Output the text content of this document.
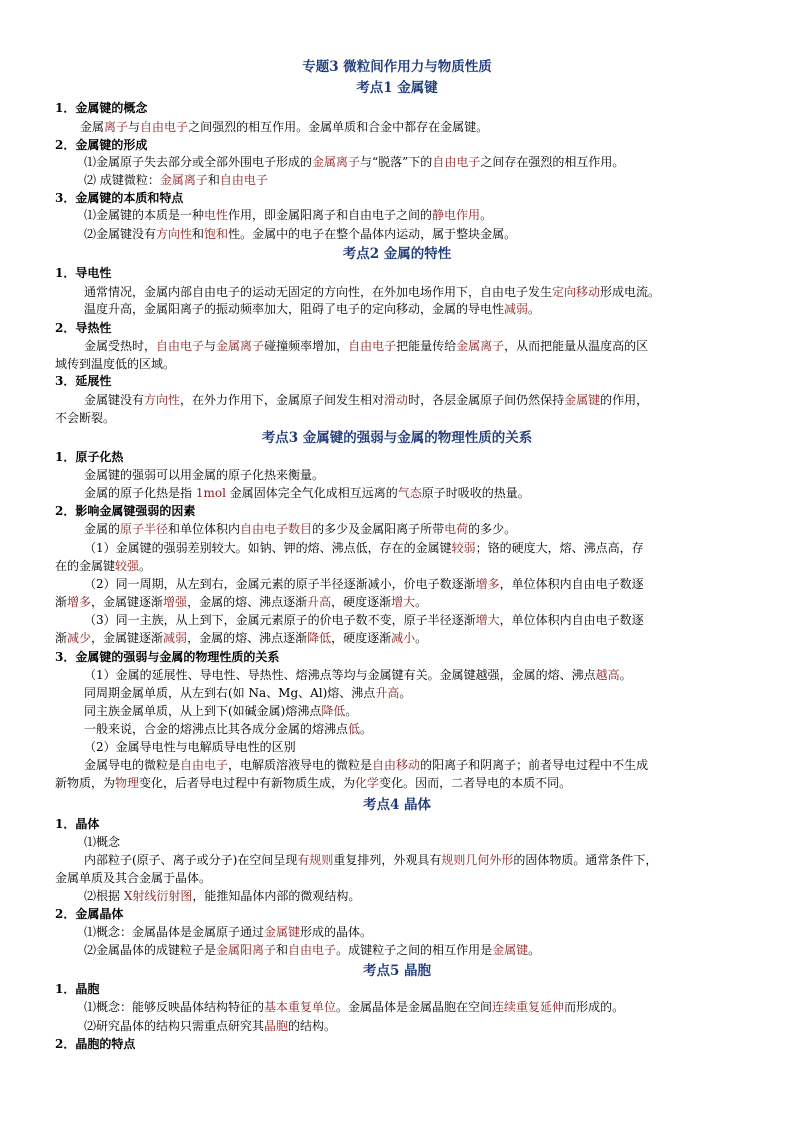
专题3 微粒间作用力与物质性质
考点1 金属键
1．金属键的概念
金属离子与自由电子之间强烈的相互作用。金属单质和合金中都存在金属键。
2．金属键的形成
⑴金属原子失去部分或全部外围电子形成的金属离子与“脱落”下的自由电子之间存在强烈的相互作用。
⑵ 成键微粒：金属离子和自由电子
3．金属键的本质和特点
⑴金属键的本质是一种电性作用，即金属阳离子和自由电子之间的静电作用。
⑵金属键没有方向性和饱和性。金属中的电子在整个晶体内运动，属于整块金属。
1．导电性
通常情况，金属内部自由电子的运动无固定的方向性，在外加电场作用下，自由电子发生定向移动形成电流。
温度升高，金属阳离子的振动频率加大，阻碍了电子的定向移动，金属的导电性减弱。
2．导热性
金属受热时，自由电子与金属离子碰撞频率增加，自由电子把能量传给金属离子，从而把能量从温度高的区
域传到温度低的区域。
3．延展性
金属键没有方向性，在外力作用下，金属原子间发生相对滑动时，各层金属原子间仍然保持金属键的作用，
不会断裂。
1．原子化热
金属键的强弱可以用金属的原子化热来衡量。
金属的原子化热是指 1mol 金属固体完全气化成相互远离的气态原子时吸收的热量。
2．影响金属键强弱的因素
金属的原子半径和单位体积内自由电子数目的多少及金属阳离子所带电荷的多少。
（1）金属键的强弱差别较大。如钠、钾的熔、沸点低，存在的金属键较弱；铬的硬度大，熔、沸点高，存
在的金属键较强。
（2）同一周期，从左到右，金属元素的原子半径逐渐减小，价电子数逐渐增多，单位体积内自由电子数逐
渐增多，金属键逐渐增强，金属的熔、沸点逐渐升高，硬度逐渐增大。
（3）同一主族，从上到下，金属元素原子的价电子数不变，原子半径逐渐增大，单位体积内自由电子数逐
渐减少，金属键逐渐减弱，金属的熔、沸点逐渐降低，硬度逐渐减小。
3．金属键的强弱与金属的物理性质的关系
（1）金属的延展性、导电性、导热性、熔沸点等均与金属键有关。金属键越强，金属的熔、沸点越高。
同周期金属单质，从左到右(如 Na、Mg、Al)熔、沸点升高。
同主族金属单质，从上到下(如碱金属)熔沸点降低。
一般来说，合金的熔沸点比其各成分金属的熔沸点低。
（2）金属导电性与电解质导电性的区别
金属导电的微粒是自由电子，电解质溶液导电的微粒是自由移动的阳离子和阴离子；前者导电过程中不生成
新物质，为物理变化，后者导电过程中有新物质生成，为化学变化。因而，二者导电的本质不同。
1．晶体
⑴概念
内部粒子(原子、离子或分子)在空间呈现有规则重复排列，外观具有规则几何外形的固体物质。通常条件下，
金属单质及其合金属于晶体。
⑵根据 X射线衍射图，能推知晶体内部的微观结构。
2．金属晶体
⑴概念：金属晶体是金属原子通过金属键形成的晶体。
⑵金属晶体的成键粒子是金属阳离子和自由电子。成键粒子之间的相互作用是金属键。
1．晶胞
⑴概念：能够反映晶体结构特征的基本重复单位。金属晶体是金属晶胞在空间连续重复延伸而形成的。
⑵研究晶体的结构只需重点研究其晶胞的结构。
2．晶胞的特点
考点2 金属的特性
考点3 金属键的强弱与金属的物理性质的关系
考点4 晶体
考点5 晶胞
